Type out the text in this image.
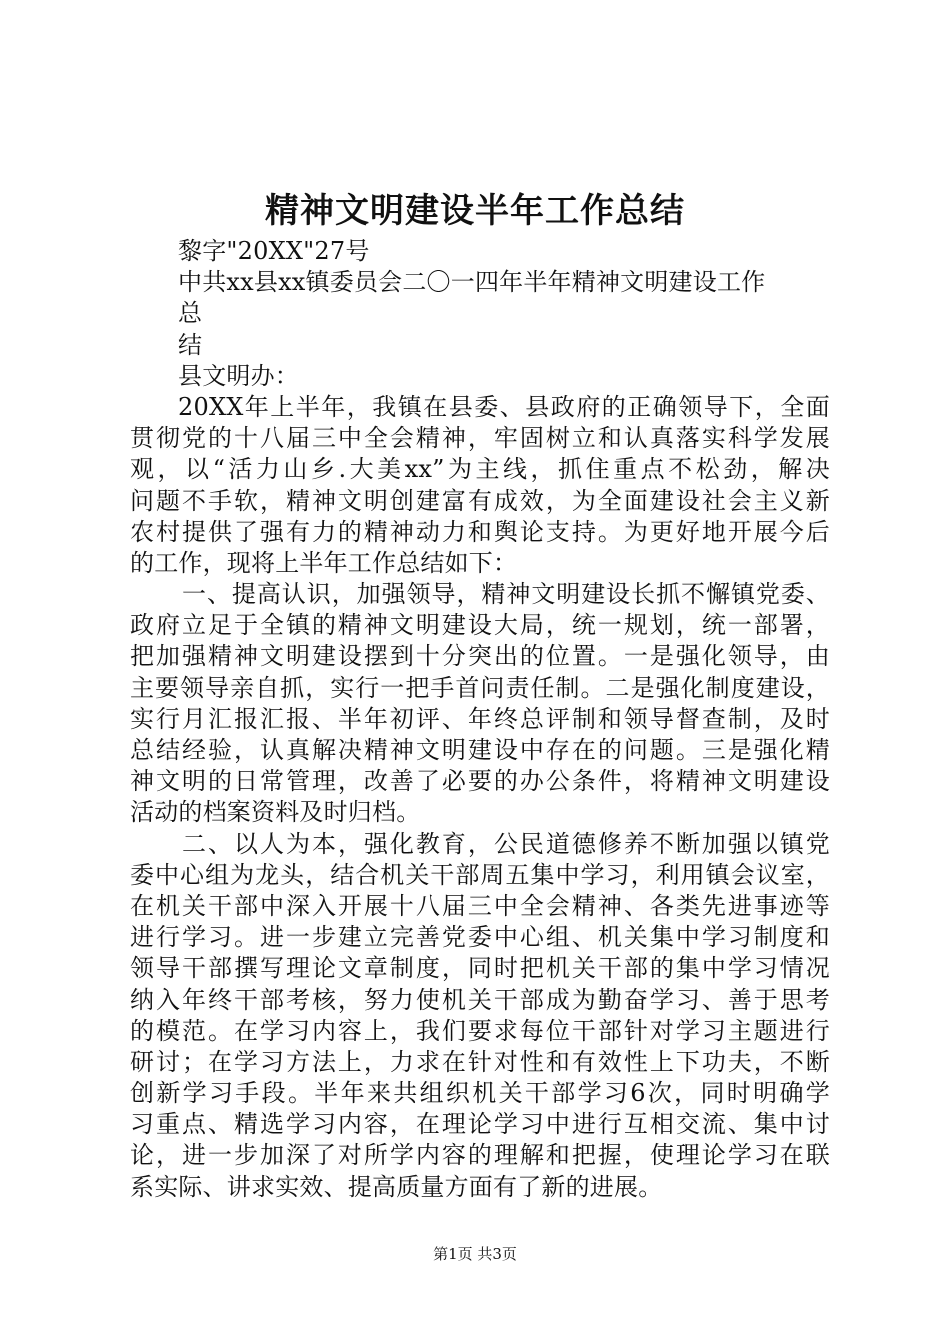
精神文明建设半年工作总结
黎字"20XX"27号
中共xx县xx镇委员会二〇一四年半年精神文明建设工作
总
结
县文明办：
20XX年上半年，我镇在县委、县政府的正确领导下，全面
贯彻党的十八届三中全会精神，牢固树立和认真落实科学发展
观，以“活力山乡.大美xx”为主线，抓住重点不松劲，解决
问题不手软，精神文明创建富有成效，为全面建设社会主义新
农村提供了强有力的精神动力和舆论支持。为更好地开展今后
的工作，现将上半年工作总结如下：
一、提高认识，加强领导，精神文明建设长抓不懈镇党委、
政府立足于全镇的精神文明建设大局，统一规划，统一部署，
把加强精神文明建设摆到十分突出的位置。一是强化领导，由
主要领导亲自抓，实行一把手首问责任制。二是强化制度建设，
实行月汇报汇报、半年初评、年终总评制和领导督查制，及时
总结经验，认真解决精神文明建设中存在的问题。三是强化精
神文明的日常管理，改善了必要的办公条件，将精神文明建设
活动的档案资料及时归档。
二、以人为本，强化教育，公民道德修养不断加强以镇党
委中心组为龙头，结合机关干部周五集中学习，利用镇会议室，
在机关干部中深入开展十八届三中全会精神、各类先进事迹等
进行学习。进一步建立完善党委中心组、机关集中学习制度和
领导干部撰写理论文章制度，同时把机关干部的集中学习情况
纳入年终干部考核，努力使机关干部成为勤奋学习、善于思考
的模范。在学习内容上，我们要求每位干部针对学习主题进行
研讨；在学习方法上，力求在针对性和有效性上下功夫，不断
创新学习手段。半年来共组织机关干部学习6次，同时明确学
习重点、精选学习内容，在理论学习中进行互相交流、集中讨
论，进一步加深了对所学内容的理解和把握，使理论学习在联
系实际、讲求实效、提高质量方面有了新的进展。
第1页 共3页
